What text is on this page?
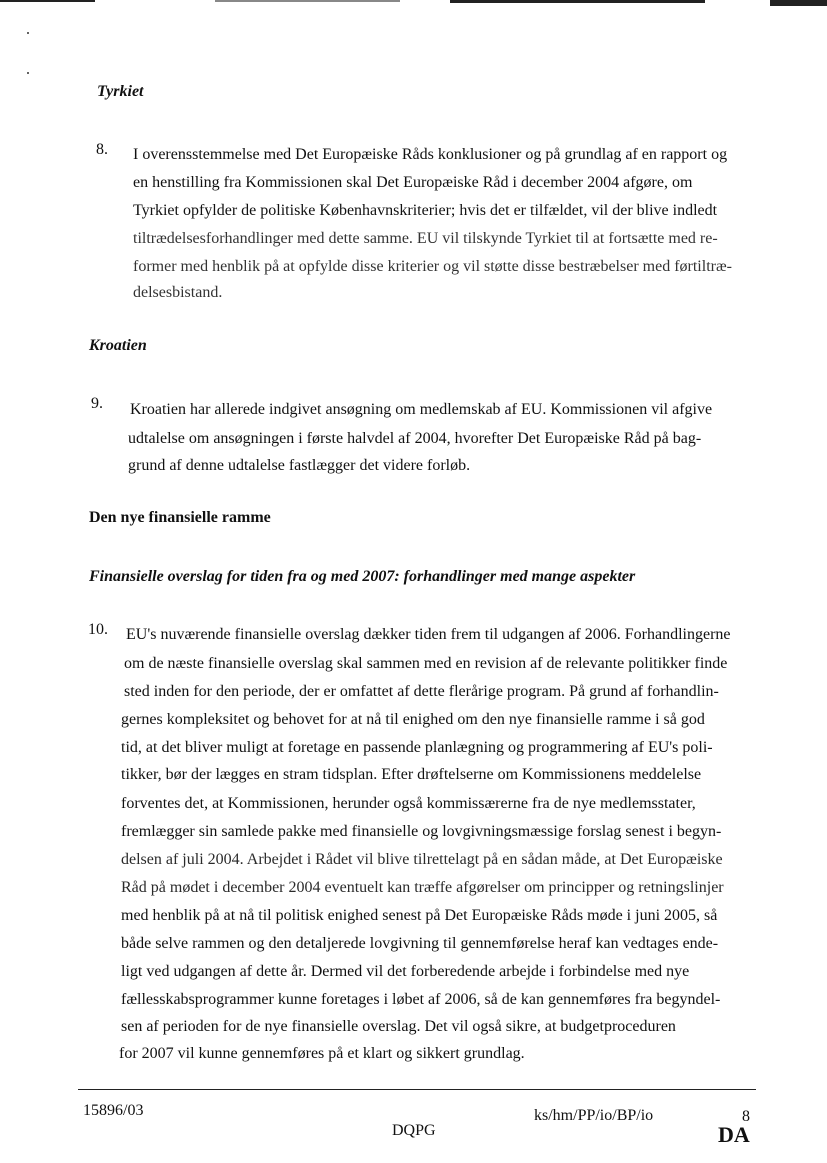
Tyrkiet
8. I overensstemmelse med Det Europæiske Råds konklusioner og på grundlag af en rapport og
en henstilling fra Kommissionen skal Det Europæiske Råd i december 2004 afgøre, om
Tyrkiet opfylder de politiske Københavnskriterier; hvis det er tilfældet, vil der blive indledt
tiltrædelsesforhandlinger med dette samme. EU vil tilskynde Tyrkiet til at fortsætte med re-
former med henblik på at opfylde disse kriterier og vil støtte disse bestræbelser med førtiltræ-
delsesbistand.
Kroatien
9. Kroatien har allerede indgivet ansøgning om medlemskab af EU. Kommissionen vil afgive
udtalelse om ansøgningen i første halvdel af 2004, hvorefter Det Europæiske Råd på bag-
grund af denne udtalelse fastlægger det videre forløb.
Den nye finansielle ramme
Finansielle overslag for tiden fra og med 2007: forhandlinger med mange aspekter
10. EU's nuværende finansielle overslag dækker tiden frem til udgangen af 2006. Forhandlingerne
om de næste finansielle overslag skal sammen med en revision af de relevante politikker finde
sted inden for den periode, der er omfattet af dette flerårige program. På grund af forhandlin-
gernes kompleksitet og behovet for at nå til enighed om den nye finansielle ramme i så god
tid, at det bliver muligt at foretage en passende planlægning og programmering af EU's poli-
tikker, bør der lægges en stram tidsplan. Efter drøftelserne om Kommissionens meddelelse
forventes det, at Kommissionen, herunder også kommissærerne fra de nye medlemsstater,
fremlægger sin samlede pakke med finansielle og lovgivningsmæssige forslag senest i begyn-
delsen af juli 2004. Arbejdet i Rådet vil blive tilrettelagt på en sådan måde, at Det Europæiske
Råd på mødet i december 2004 eventuelt kan træffe afgørelser om principper og retningslinjer
med henblik på at nå til politisk enighed senest på Det Europæiske Råds møde i juni 2005, så
både selve rammen og den detaljerede lovgivning til gennemførelse heraf kan vedtages ende-
ligt ved udgangen af dette år. Dermed vil det forberedende arbejde i forbindelse med nye
fællesskabsprogrammer kunne foretages i løbet af 2006, så de kan gennemføres fra begyndel-
sen af perioden for de nye finansielle overslag. Det vil også sikre, at budgetproceduren
for 2007 vil kunne gennemføres på et klart og sikkert grundlag.
15896/03
DQPG
ks/hm/PP/io/BP/io	8
DA
